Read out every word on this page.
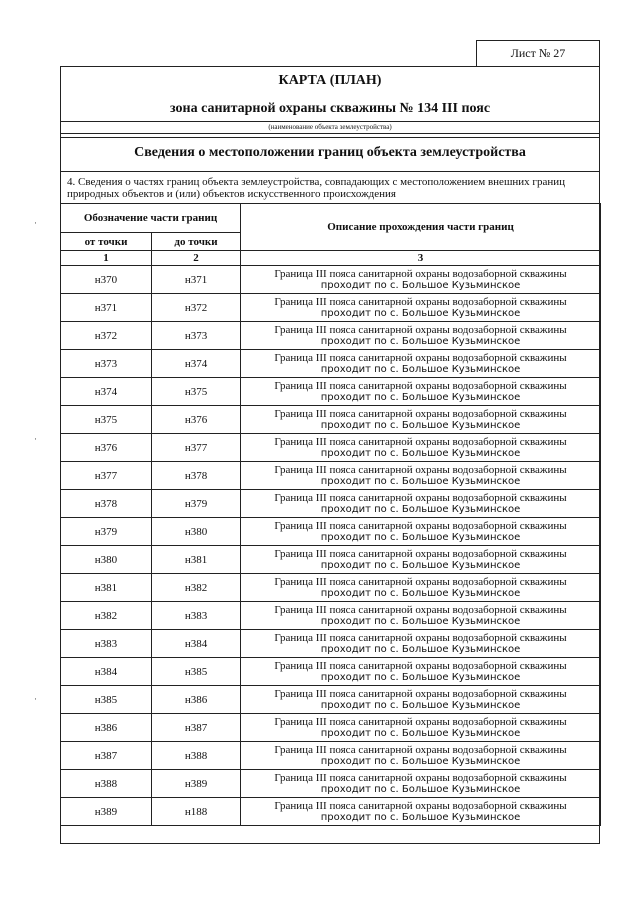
Лист № 27
КАРТА (ПЛАН)
зона санитарной охраны скважины № 134 III пояс
(наименование объекта землеустройства)
Сведения о местоположении границ объекта землеустройства
4. Сведения о частях границ объекта землеустройства, совпадающих с местоположением внешних границ природных объектов и (или) объектов искусственного происхождения
Обозначение части границ		Описание прохождения части границ
от точки	до точки	
1	2	3
н370	н371	Граница III пояса санитарной охраны водозаборной скважины
проходит по с. Большое Кузьминское

н371	н372	Граница III пояса санитарной охраны водозаборной скважины
проходит по с. Большое Кузьминское

н372	н373	Граница III пояса санитарной охраны водозаборной скважины
проходит по с. Большое Кузьминское

н373	н374	Граница III пояса санитарной охраны водозаборной скважины
проходит по с. Большое Кузьминское

н374	н375	Граница III пояса санитарной охраны водозаборной скважины
проходит по с. Большое Кузьминское

н375	н376	Граница III пояса санитарной охраны водозаборной скважины
проходит по с. Большое Кузьминское

н376	н377	Граница III пояса санитарной охраны водозаборной скважины
проходит по с. Большое Кузьминское

н377	н378	Граница III пояса санитарной охраны водозаборной скважины
проходит по с. Большое Кузьминское

н378	н379	Граница III пояса санитарной охраны водозаборной скважины
проходит по с. Большое Кузьминское

н379	н380	Граница III пояса санитарной охраны водозаборной скважины
проходит по с. Большое Кузьминское

н380	н381	Граница III пояса санитарной охраны водозаборной скважины
проходит по с. Большое Кузьминское

н381	н382	Граница III пояса санитарной охраны водозаборной скважины
проходит по с. Большое Кузьминское

н382	н383	Граница III пояса санитарной охраны водозаборной скважины
проходит по с. Большое Кузьминское

н383	н384	Граница III пояса санитарной охраны водозаборной скважины
проходит по с. Большое Кузьминское

н384	н385	Граница III пояса санитарной охраны водозаборной скважины
проходит по с. Большое Кузьминское

н385	н386	Граница III пояса санитарной охраны водозаборной скважины
проходит по с. Большое Кузьминское

н386	н387	Граница III пояса санитарной охраны водозаборной скважины
проходит по с. Большое Кузьминское

н387	н388	Граница III пояса санитарной охраны водозаборной скважины
проходит по с. Большое Кузьминское

н388	н389	Граница III пояса санитарной охраны водозаборной скважины
проходит по с. Большое Кузьминское

н389	н188	Граница III пояса санитарной охраны водозаборной скважины
проходит по с. Большое Кузьминское
·
·
·
